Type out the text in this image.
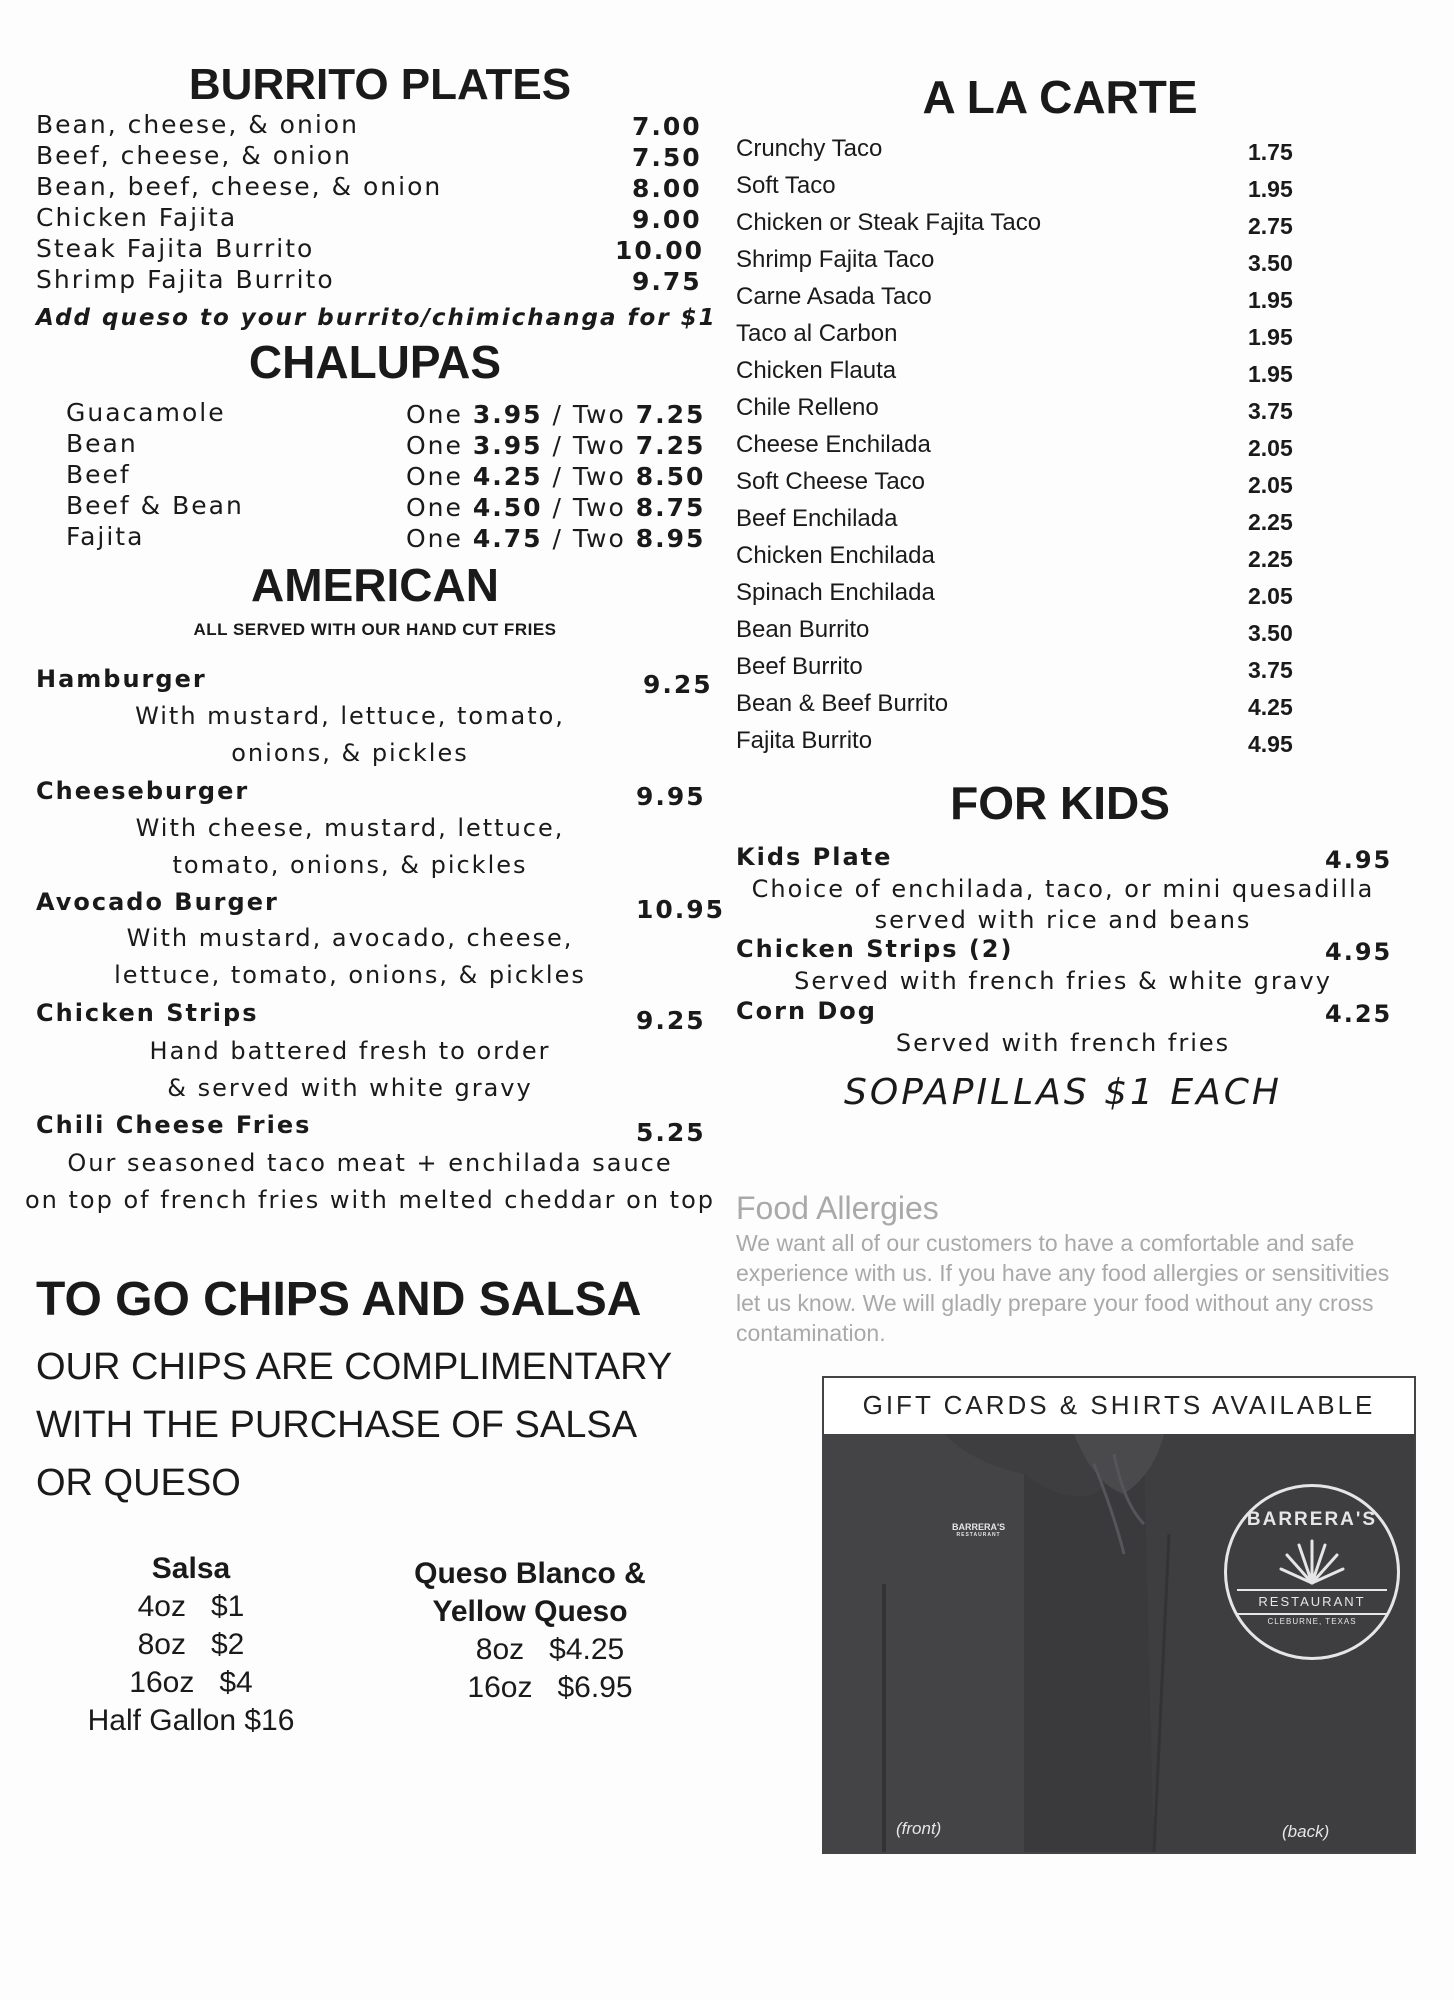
BURRITO PLATES
Bean, cheese, & onion	7.00
Beef, cheese, & onion	7.50
Bean, beef, cheese, & onion	8.00
Chicken Fajita	9.00
Steak Fajita Burrito	10.00
Shrimp Fajita Burrito	9.75
Add queso to your burrito/chimichanga for $1
CHALUPAS
Guacamole	One 3.95 / Two 7.25
Bean	One 3.95 / Two 7.25
Beef	One 4.25 / Two 8.50
Beef & Bean	One 4.50 / Two 8.75
Fajita	One 4.75 / Two 8.95
AMERICAN
ALL SERVED WITH OUR HAND CUT FRIES
Hamburger	9.25
With mustard, lettuce, tomato,
onions, & pickles
Cheeseburger	9.95
With cheese, mustard, lettuce,
tomato, onions, & pickles
Avocado Burger	10.95
With mustard, avocado, cheese,
lettuce, tomato, onions, & pickles
Chicken Strips	9.25
Hand battered fresh to order
& served with white gravy
Chili Cheese Fries	5.25
Our seasoned taco meat + enchilada sauce
on top of french fries with melted cheddar on top
TO GO CHIPS AND SALSA
OUR CHIPS ARE COMPLIMENTARY
WITH THE PURCHASE OF SALSA
OR QUESO
Salsa
4oz $1
8oz $2
16oz $4
Half Gallon $16
Queso Blanco &
Yellow Queso
8oz $4.25
16oz $6.95
A LA CARTE
Crunchy Taco	1.75
Soft Taco	1.95
Chicken or Steak Fajita Taco	2.75
Shrimp Fajita Taco	3.50
Carne Asada Taco	1.95
Taco al Carbon	1.95
Chicken Flauta	1.95
Chile Relleno	3.75
Cheese Enchilada	2.05
Soft Cheese Taco	2.05
Beef Enchilada	2.25
Chicken Enchilada	2.25
Spinach Enchilada	2.05
Bean Burrito	3.50
Beef Burrito	3.75
Bean & Beef Burrito	4.25
Fajita Burrito	4.95
FOR KIDS
Kids Plate	4.95
Choice of enchilada, taco, or mini quesadilla
served with rice and beans
Chicken Strips (2)	4.95
Served with french fries & white gravy
Corn Dog	4.25
Served with french fries
SOPAPILLAS $1 EACH
Food Allergies
We want all of our customers to have a comfortable and safe experience with us. If you have any food allergies or sensitivities let us know. We will gladly prepare your food without any cross contamination.
GIFT CARDS & SHIRTS AVAILABLE
BARRERA'S
RESTAURANT
BARRERA'S
RESTAURANT
CLEBURNE, TEXAS
(front)	(back)
